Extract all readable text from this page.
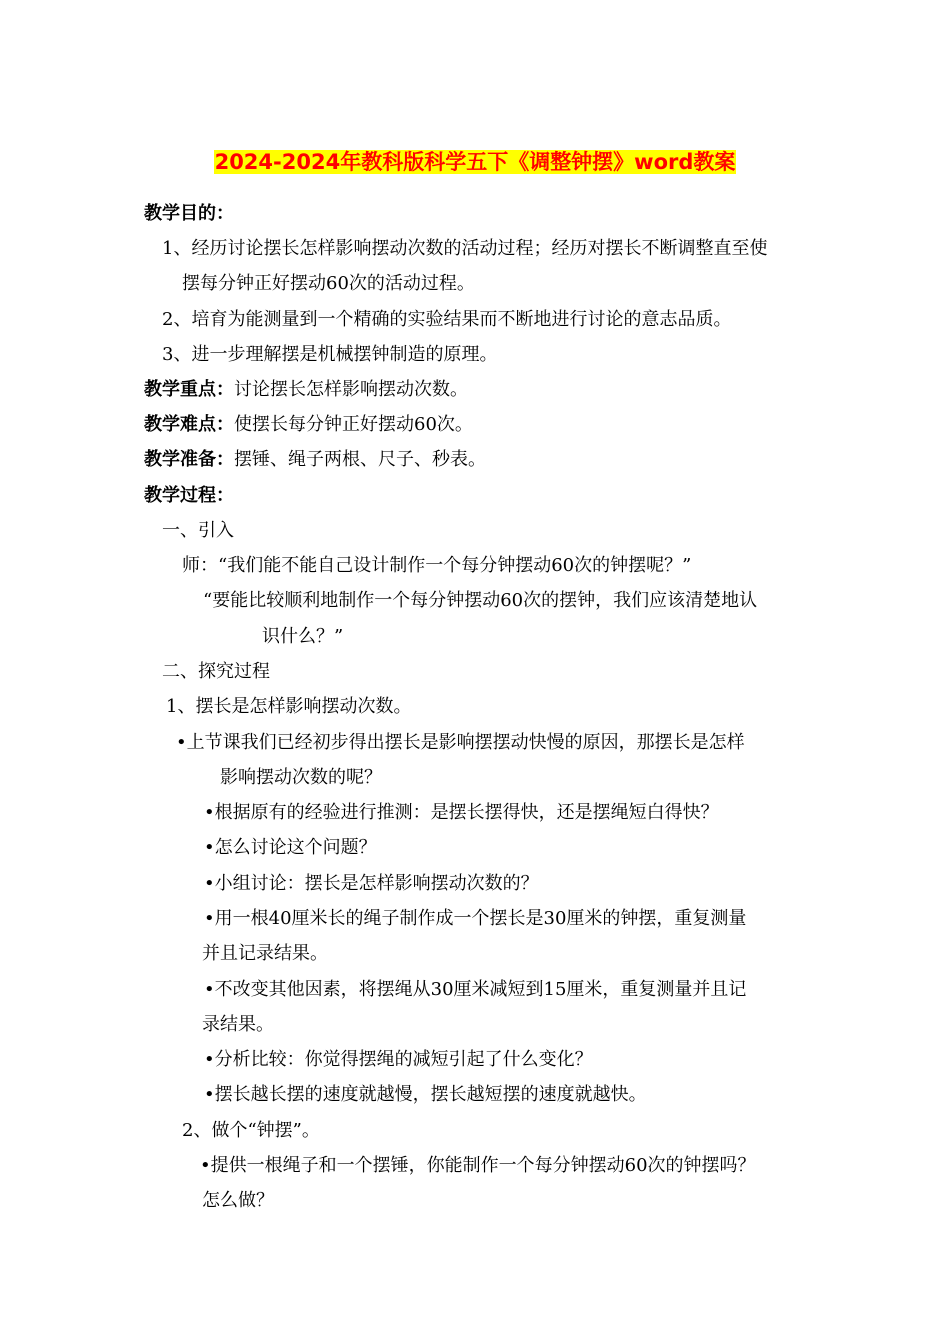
2024-2024年教科版科学五下《调整钟摆》word教案
教学目的：
1、经历讨论摆长怎样影响摆动次数的活动过程；经历对摆长不断调整直至使
摆每分钟正好摆动60次的活动过程。
2、培育为能测量到一个精确的实验结果而不断地进行讨论的意志品质。
3、进一步理解摆是机械摆钟制造的原理。
教学重点：讨论摆长怎样影响摆动次数。
教学难点：使摆长每分钟正好摆动60次。
教学准备：摆锤、绳子两根、尺子、秒表。
教学过程：
一、引入
师：“我们能不能自己设计制作一个每分钟摆动60次的钟摆呢？”
“要能比较顺利地制作一个每分钟摆动60次的摆钟，我们应该清楚地认
识什么？”
二、探究过程
1、摆长是怎样影响摆动次数。
•上节课我们已经初步得出摆长是影响摆摆动快慢的原因，那摆长是怎样
影响摆动次数的呢？
•根据原有的经验进行推测：是摆长摆得快，还是摆绳短白得快？
•怎么讨论这个问题？
•小组讨论：摆长是怎样影响摆动次数的？
•用一根40厘米长的绳子制作成一个摆长是30厘米的钟摆，重复测量
并且记录结果。
•不改变其他因素，将摆绳从30厘米减短到15厘米，重复测量并且记
录结果。
•分析比较：你觉得摆绳的减短引起了什么变化？
•摆长越长摆的速度就越慢，摆长越短摆的速度就越快。
2、做个“钟摆”。
•提供一根绳子和一个摆锤，你能制作一个每分钟摆动60次的钟摆吗？
怎么做？
